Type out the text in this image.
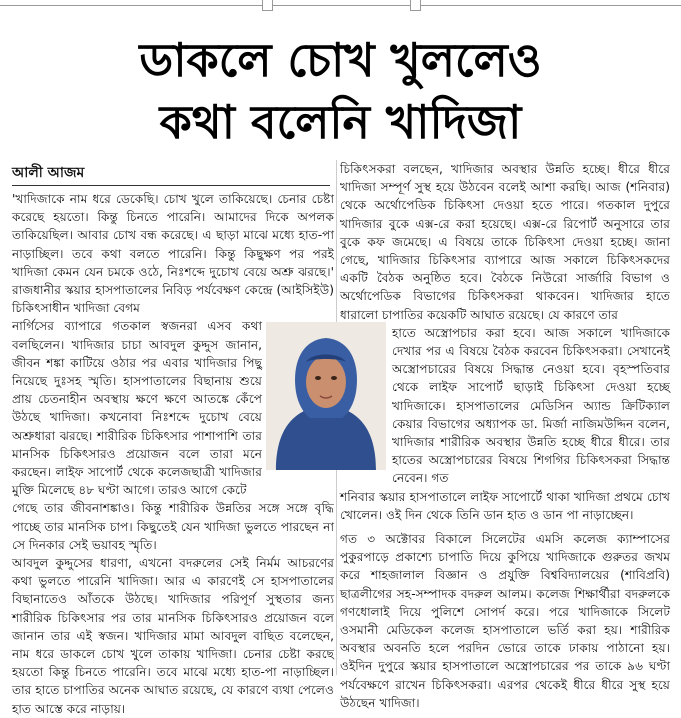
ডাকলে চোখ খুললেও
কথা বলেনি খাদিজা
আলী আজম

'খাদিজাকে নাম ধরে ডেকেছি। চোখ খুলে তাকিয়েছে। চেনার চেষ্টা করেছে হয়তো। কিন্তু চিনতে পারেনি। আমাদের দিকে অপলক তাকিয়েছিল। আবার চোখ বন্ধ করেছে। এ ছাড়া মাঝে মধ্যে হাত-পা নাড়াচ্ছিল। তবে কথা বলতে পারেনি। কিন্তু কিছুক্ষণ পর পরই খাদিজা কেমন যেন চমকে ওঠে, নিঃশব্দে দুচোখ বেয়ে অশ্রু ঝরছে।' রাজধানীর স্কয়ার হাসপাতালের নিবিড় পর্যবেক্ষণ কেন্দ্রে (আইসিইউ) চিকিৎসাধীন খাদিজা বেগম

নার্গিসের ব্যাপারে গতকাল স্বজনরা এসব কথা বলছিলেন। খাদিজার চাচা আবদুল কুদ্দুস জানান, জীবন শঙ্কা কাটিয়ে ওঠার পর এবার খাদিজার পিছু নিয়েছে দুঃসহ স্মৃতি। হাসপাতালের বিছানায় শুয়ে প্রায় চেতনাহীন অবস্থায় ক্ষণে ক্ষণে আতঙ্কে কেঁপে উঠছে খাদিজা। কখনোবা নিঃশব্দে দুচোখ বেয়ে অশ্রুধারা ঝরছে। শারীরিক চিকিৎসার পাশাপাশি তার মানসিক চিকিৎসারও প্রয়োজন বলে তারা মনে করছেন। লাইফ সাপোর্ট থেকে কলেজছাত্রী খাদিজার মুক্তি মিলেছে ৪৮ ঘণ্টা আগে। তারও আগে কেটে

গেছে তার জীবনাশঙ্কাও। কিন্তু শারীরিক উন্নতির সঙ্গে সঙ্গে বৃদ্ধি পাচ্ছে তার মানসিক চাপ। কিছুতেই যেন খাদিজা ভুলতে পারছেন না সে দিনকার সেই ভয়াবহ স্মৃতি।

আবদুল কুদ্দুসের ধারণা, এখনো বদরুলের সেই নির্মম আচরণের কথা ভুলতে পারেনি খাদিজা। আর এ কারণেই সে হাসপাতালের বিছানাতেও আঁতকে উঠছে। খাদিজার পরিপূর্ণ সুস্থতার জন্য শারীরিক চিকিৎসার পর তার মানসিক চিকিৎসারও প্রয়োজন বলে জানান তার এই স্বজন। খাদিজার মামা আবদুল বাছিত বলেছেন, নাম ধরে ডাকলে চোখ খুলে তাকায় খাদিজা। চেনার চেষ্টা করছে হয়তো কিন্তু চিনতে পারেনি। তবে মাঝে মধ্যে হাত-পা নাড়াচ্ছিল। তার হাতে চাপাতির অনেক আঘাত রয়েছে, যে কারণে ব্যথা পেলেও হাত আস্তে করে নাড়ায়।

চিকিৎসকরা বলছেন, খাদিজার অবস্থার উন্নতি হচ্ছে। ধীরে ধীরে খাদিজা সম্পূর্ণ সুস্থ হয়ে উঠবেন বলেই আশা করছি। আজ (শনিবার) থেকে অর্থোপেডিক চিকিৎসা দেওয়া হতে পারে। গতকাল দুপুরে খাদিজার বুকে এক্স-রে করা হয়েছে। এক্স-রে রিপোর্ট অনুসারে তার বুকে কফ জমেছে। এ বিষয়ে তাকে চিকিৎসা দেওয়া হচ্ছে। জানা গেছে, খাদিজার চিকিৎসার ব্যাপারে আজ সকালে চিকিৎসকদের একটি বৈঠক অনুষ্ঠিত হবে। বৈঠকে নিউরো সার্জারি বিভাগ ও অর্থোপেডিক বিভাগের চিকিৎসকরা থাকবেন। খাদিজার হাতে ধারালো চাপাতির কয়েকটি আঘাত রয়েছে। যে কারণে তার

হাতে অস্ত্রোপচার করা হবে। আজ সকালে খাদিজাকে দেখার পর এ বিষয়ে বৈঠক করবেন চিকিৎসকরা। সেখানেই অস্ত্রোপচারের বিষয়ে সিদ্ধান্ত নেওয়া হবে। বৃহস্পতিবার থেকে লাইফ সাপোর্ট ছাড়াই চিকিৎসা দেওয়া হচ্ছে খাদিজাকে। হাসপাতালের মেডিসিন অ্যান্ড ক্রিটিক্যাল কেয়ার বিভাগের অধ্যাপক ডা. মির্জা নাজিমউদ্দিন বলেন, খাদিজার শারীরিক অবস্থার উন্নতি হচ্ছে ধীরে ধীরে। তার হাতের অস্ত্রোপচারের বিষয়ে শিগগির চিকিৎসকরা সিদ্ধান্ত নেবেন। গত

শনিবার স্কয়ার হাসপাতালে লাইফ সাপোর্টে থাকা খাদিজা প্রথমে চোখ খোলেন। ওই দিন থেকে তিনি ডান হাত ও ডান পা নাড়াচ্ছেন।

গত ৩ অক্টোবর বিকালে সিলেটের এমসি কলেজ ক্যাম্পাসের পুকুরপাড়ে প্রকাশ্যে চাপাতি দিয়ে কুপিয়ে খাদিজাকে গুরুতর জখম করে শাহজালাল বিজ্ঞান ও প্রযুক্তি বিশ্ববিদ্যালয়ের (শাবিপ্রবি) ছাত্রলীগের সহ-সম্পাদক বদরুল আলম। কলেজ শিক্ষার্থীরা বদরুলকে গণধোলাই দিয়ে পুলিশে সোপর্দ করে। পরে খাদিজাকে সিলেট ওসমানী মেডিকেল কলেজ হাসপাতালে ভর্তি করা হয়। শারীরিক অবস্থার অবনতি হলে পরদিন ভোরে তাকে ঢাকায় পাঠানো হয়। ওইদিন দুপুরে স্কয়ার হাসপাতালে অস্ত্রোপচারের পর তাকে ৯৬ ঘণ্টা পর্যবেক্ষণে রাখেন চিকিৎসকরা। এরপর থেকেই ধীরে ধীরে সুস্থ হয়ে উঠছেন খাদিজা।
